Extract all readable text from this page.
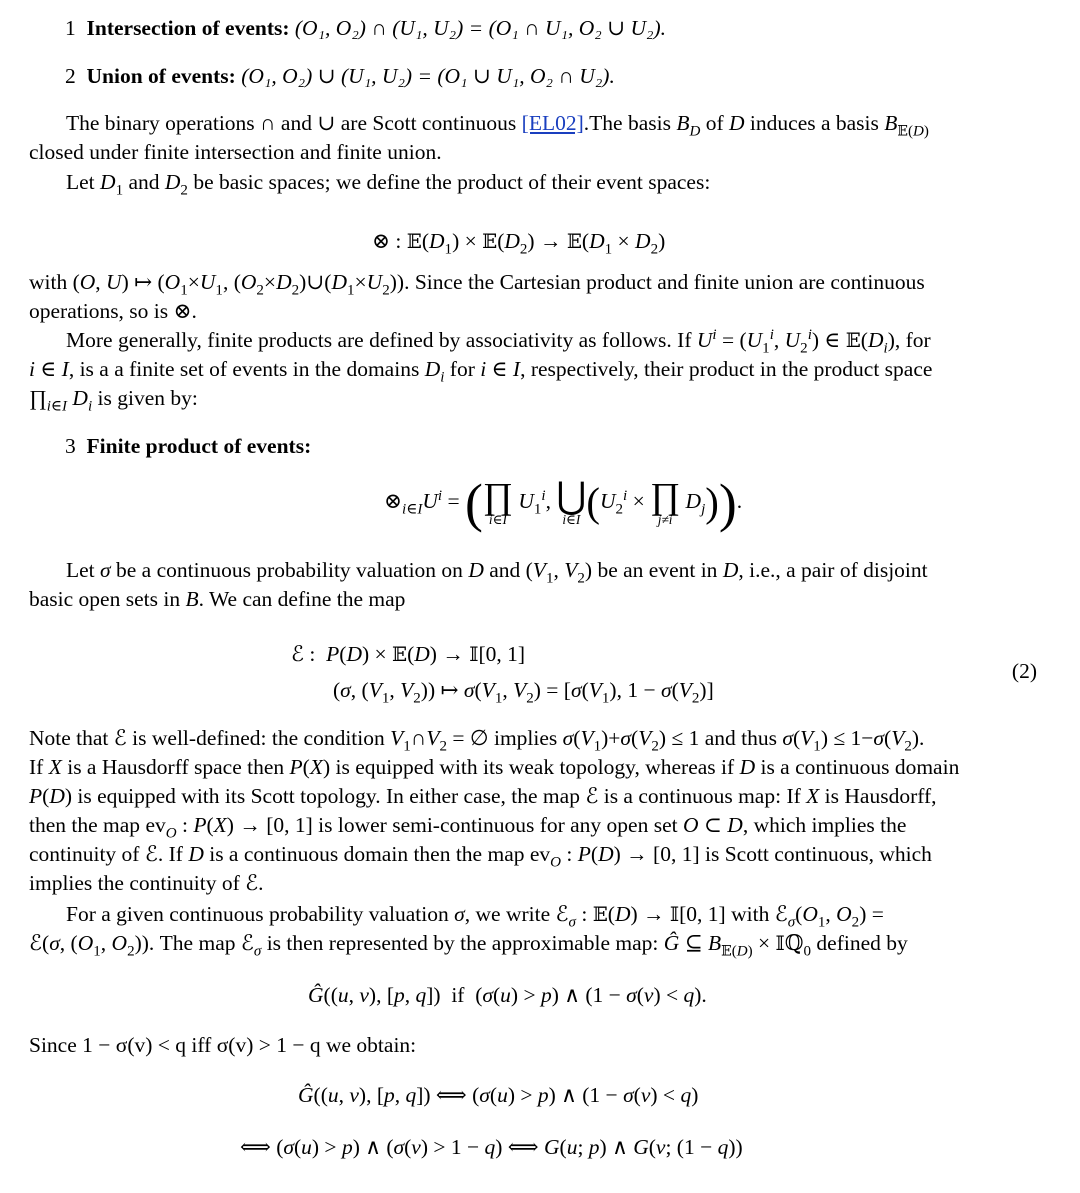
1 Intersection of events: (O₁, O₂) ∩ (U₁, U₂) = (O₁ ∩ U₁, O₂ ∪ U₂).
2 Union of events: (O₁, O₂) ∪ (U₁, U₂) = (O₁ ∪ U₁, O₂ ∩ U₂).
The binary operations ∩ and ∪ are Scott continuous [EL02].The basis $B_D$ of D induces a basis $B_{𝔼(D)}$
closed under finite intersection and finite union.
Let $D_1$ and $D_2$ be basic spaces; we define the product of their event spaces:
⊗ : $𝔼(D_1)$ × $𝔼(D_2)$ → $𝔼(D_1 \times D_2)$
with (O, U) ↦ ($O_1\times U_1$, $(O_2\times D_2)\cup(D_1\times U_2)$). Since the Cartesian product and finite union are continuous
operations, so is ⊗.
More generally, finite products are defined by associativity as follows. If $U^i = (U_1^i$, $U_2^i$) ∈ $𝔼(D_i)$, for
i ∈ I, is a a finite set of events in the domains $D_i$ for i ∈ I, respectively, their product in the product space
$\prod_{i\in I}$ $D_i$ is given by:
3 Finite product of events:
$\otimes_{i\in I}U^i$ = ( ∏
i∈I
$U_1^i$, ⋃
i∈I ($U_2^i$ × ∏
j≠i
$D_j$)).
Let σ be a continuous probability valuation on D and ($V_1$, $V_2$) be an event in D, i.e., a pair of disjoint
basic open sets in B. We can define the map
ℰ :  P(D) × 𝔼(D) → 𝕀[0, 1]
(σ, ($V_1$, $V_2$)) ↦ $\sigma(V_1$, $V_2) = [\sigma(V_1)$, $1 - \sigma(V_2)$]
(2)
Note that ℰ is well-defined: the condition $V_1\cap V_2$ = ∅ implies $\sigma(V_1)+\sigma(V_2) \le 1$ and thus $\sigma(V_1) \le 1-\sigma(V_2)$.
If X is a Hausdorff space then P(X) is equipped with its weak topology, whereas if D is a continuous domain
P(D) is equipped with its Scott topology. In either case, the map ℰ is a continuous map: If X is Hausdorff,
then the map $ev_O$ : P(X) → [0, 1] is lower semi-continuous for any open set O ⊂ D, which implies the
continuity of ℰ. If D is a continuous domain then the map $ev_O$ : P(D) → [0, 1] is Scott continuous, which
implies the continuity of ℰ.
For a given continuous probability valuation σ, we write ℰ$_\sigma$ : 𝔼(D) → 𝕀[0, 1] with $ℰ_\sigma(O_1$, $O_2$) =
ℰ(σ, ($O_1$, $O_2$)). The map ℰ$_\sigma$ is then represented by the approximable map: Ĝ ⊆ $B_{𝔼(D)}$ × 𝕀ℚ$_0$ defined by
Ĝ((u, v), [p, q])  if  (σ(u) > p) ∧ (1 − σ(v) < q).
Since 1 − σ(v) < q iff σ(v) > 1 − q we obtain:
Ĝ((u, v), [p, q]) ⟺ (σ(u) > p) ∧ (1 − σ(v) < q)
⟺ (σ(u) > p) ∧ (σ(v) > 1 − q) ⟺ G(u; p) ∧ G(v; (1 − q))
